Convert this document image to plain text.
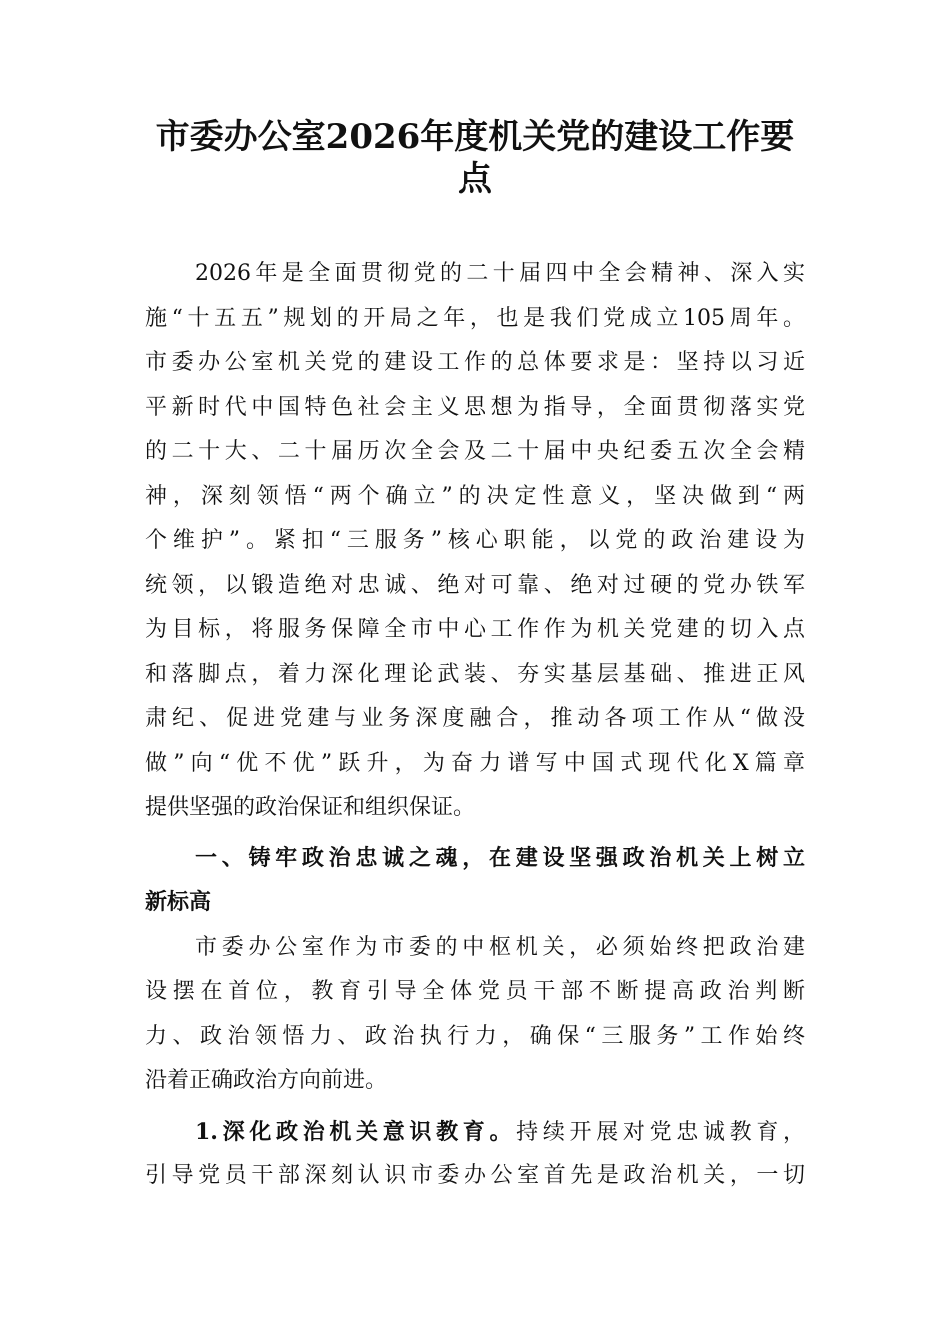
市委办公室2026年度机关党的建设工作要
点
2026年是全面贯彻党的二十届四中全会精神、深入实
施“十五五”规划的开局之年，也是我们党成立105周年。
市委办公室机关党的建设工作的总体要求是：坚持以习近
平新时代中国特色社会主义思想为指导，全面贯彻落实党
的二十大、二十届历次全会及二十届中央纪委五次全会精
神，深刻领悟“两个确立”的决定性意义，坚决做到“两
个维护”。紧扣“三服务”核心职能，以党的政治建设为
统领，以锻造绝对忠诚、绝对可靠、绝对过硬的党办铁军
为目标，将服务保障全市中心工作作为机关党建的切入点
和落脚点，着力深化理论武装、夯实基层基础、推进正风
肃纪、促进党建与业务深度融合，推动各项工作从“做没
做”向“优不优”跃升，为奋力谱写中国式现代化X篇章
提供坚强的政治保证和组织保证。
一、铸牢政治忠诚之魂，在建设坚强政治机关上树立
新标高
市委办公室作为市委的中枢机关，必须始终把政治建
设摆在首位，教育引导全体党员干部不断提高政治判断
力、政治领悟力、政治执行力，确保“三服务”工作始终
沿着正确政治方向前进。
1.深化政治机关意识教育。持续开展对党忠诚教育，
引导党员干部深刻认识市委办公室首先是政治机关，一切
